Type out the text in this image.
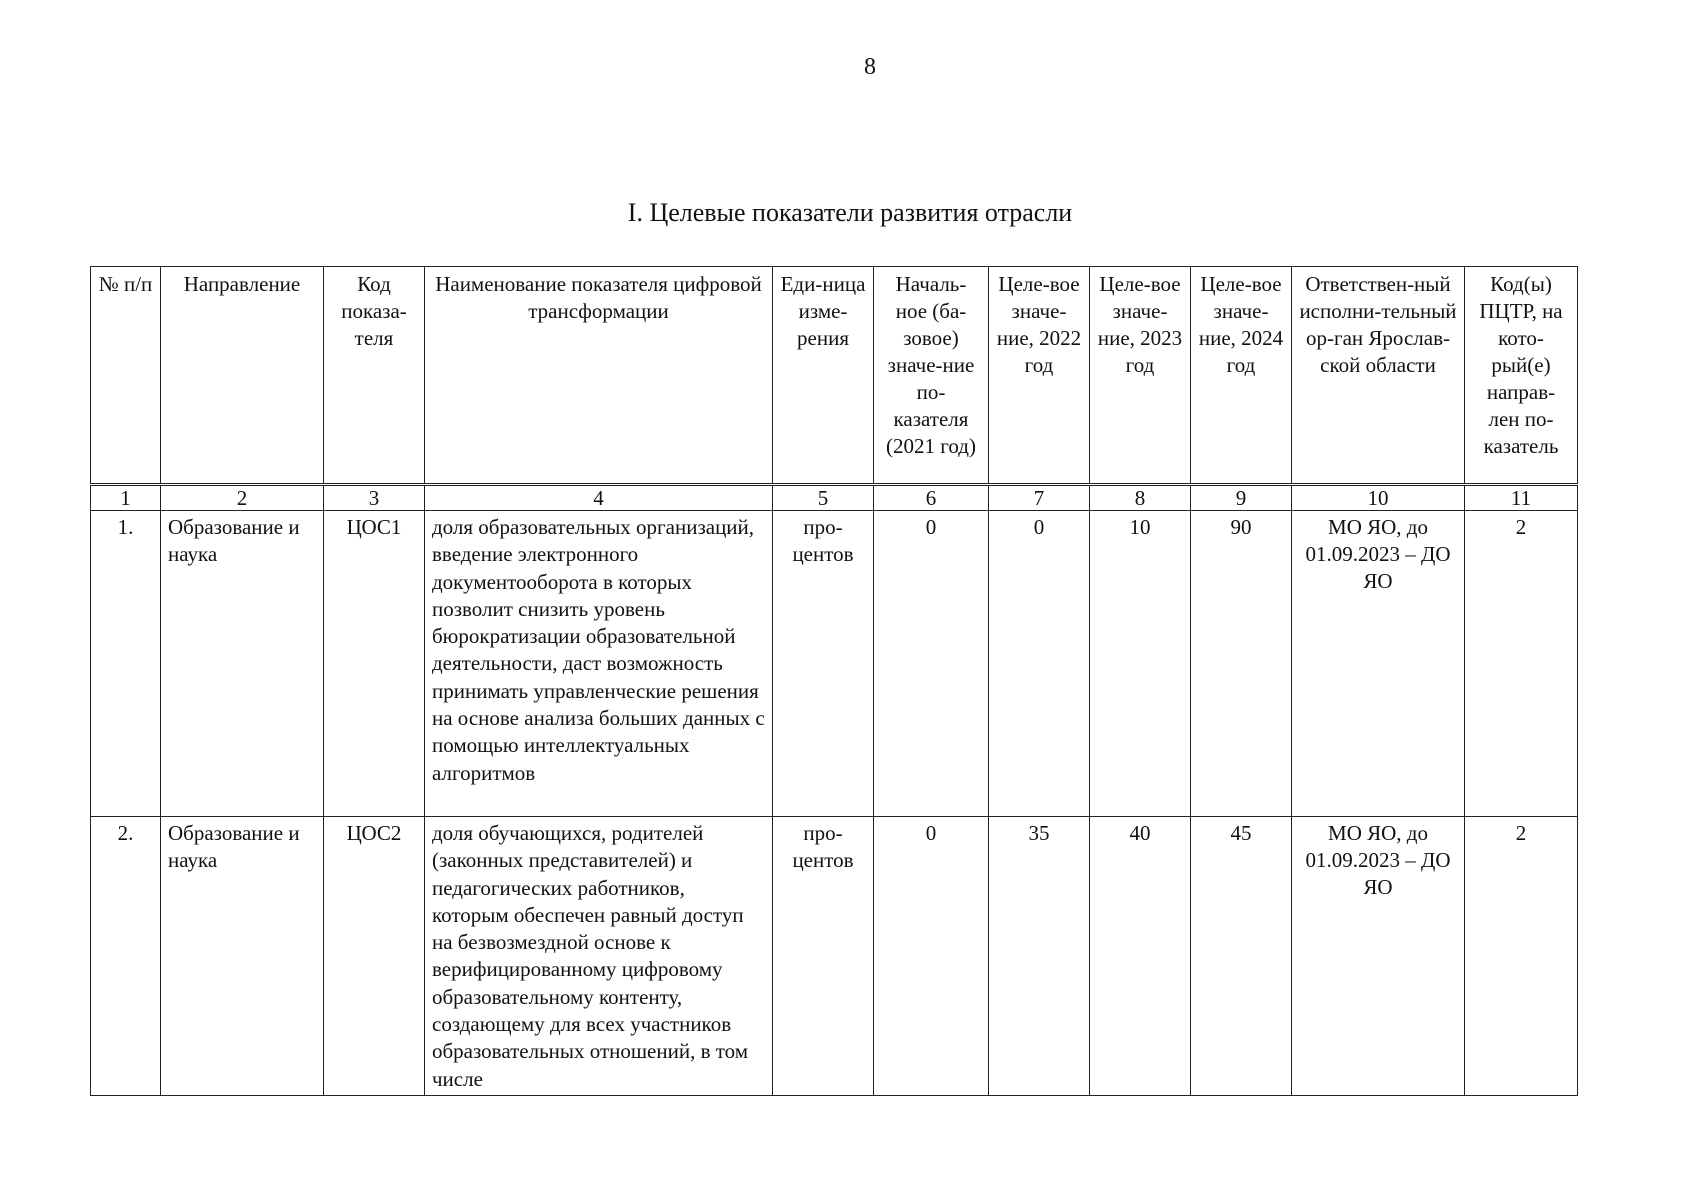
8
I. Целевые показатели развития отрасли
№ п/п	Направление	Код показа-теля	Наименование показателя цифровой трансформации	Еди-ница изме-рения	Началь-ное (ба-зовое) значе-ние по-казателя (2021 год)	Целе-вое значе-ние, 2022 год	Целе-вое значе-ние, 2023 год	Целе-вое значе-ние, 2024 год	Ответствен-ный исполни-тельный ор-ган Ярослав-ской области	Код(ы) ПЦТР, на кото-рый(е) направ-лен по-казатель
1	2	3	4	5	6	7	8	9	10	11
1.	Образование и наука	ЦОС1	доля образовательных организаций, введение электронного документооборота в которых позволит снизить уровень бюрократизации образовательной деятельности, даст возможность принимать управленческие решения на основе анализа больших данных с помощью интеллектуальных алгоритмов	про-центов	0	0	10	90	МО ЯО, до 01.09.2023 – ДО ЯО	2
2.	Образование и наука	ЦОС2	доля обучающихся, родителей (законных представителей) и педагогических работников, которым обеспечен равный доступ на безвозмездной основе к верифицированному цифровому образовательному контенту, создающему для всех участников образовательных отношений, в том числе	про-центов	0	35	40	45	МО ЯО, до 01.09.2023 – ДО ЯО	2
